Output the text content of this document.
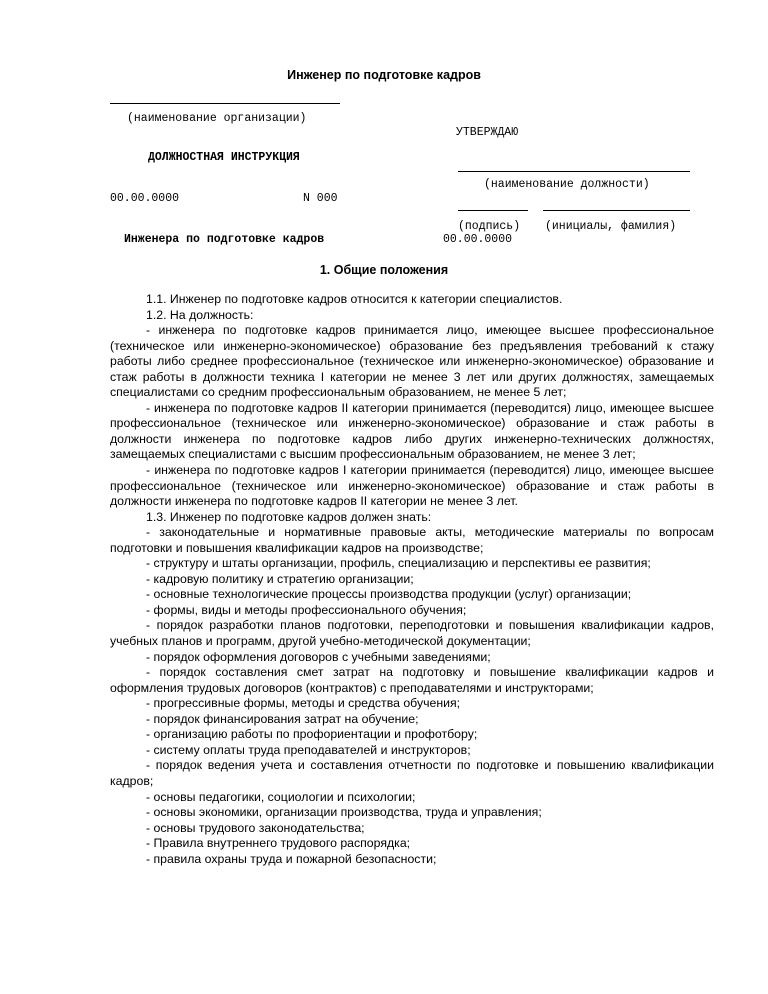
Инженер по подготовке кадров
(наименование организации)
ДОЛЖНОСТНАЯ ИНСТРУКЦИЯ
00.00.0000	N 000
Инженера по подготовке кадров
УТВЕРЖДАЮ
(наименование должности)
(подпись) (инициалы, фамилия)
00.00.0000
1. Общие положения

1.1. Инженер по подготовке кадров относится к категории специалистов.

1.2. На должность:

- инженера по подготовке кадров принимается лицо, имеющее высшее профессиональное (техническое или инженерно-экономическое) образование без предъявления требований к стажу работы либо среднее профессиональное (техническое или инженерно-экономическое) образование и стаж работы в должности техника I категории не менее 3 лет или других должностях, замещаемых специалистами со средним профессиональным образованием, не менее 5 лет;

- инженера по подготовке кадров II категории принимается (переводится) лицо, имеющее высшее профессиональное (техническое или инженерно-экономическое) образование и стаж работы в должности инженера по подготовке кадров либо других инженерно-технических должностях, замещаемых специалистами с высшим профессиональным образованием, не менее 3 лет;

- инженера по подготовке кадров I категории принимается (переводится) лицо, имеющее высшее профессиональное (техническое или инженерно-экономическое) образование и стаж работы в должности инженера по подготовке кадров II категории не менее 3 лет.

1.3. Инженер по подготовке кадров должен знать:

- законодательные и нормативные правовые акты, методические материалы по вопросам подготовки и повышения квалификации кадров на производстве;

- структуру и штаты организации, профиль, специализацию и перспективы ее развития;

- кадровую политику и стратегию организации;

- основные технологические процессы производства продукции (услуг) организации;

- формы, виды и методы профессионального обучения;

- порядок разработки планов подготовки, переподготовки и повышения квалификации кадров, учебных планов и программ, другой учебно-методической документации;

- порядок оформления договоров с учебными заведениями;

- порядок составления смет затрат на подготовку и повышение квалификации кадров и оформления трудовых договоров (контрактов) с преподавателями и инструкторами;

- прогрессивные формы, методы и средства обучения;

- порядок финансирования затрат на обучение;

- организацию работы по профориентации и профотбору;

- систему оплаты труда преподавателей и инструкторов;

- порядок ведения учета и составления отчетности по подготовке и повышению квалификации кадров;

- основы педагогики, социологии и психологии;

- основы экономики, организации производства, труда и управления;

- основы трудового законодательства;

- Правила внутреннего трудового распорядка;

- правила охраны труда и пожарной безопасности;
